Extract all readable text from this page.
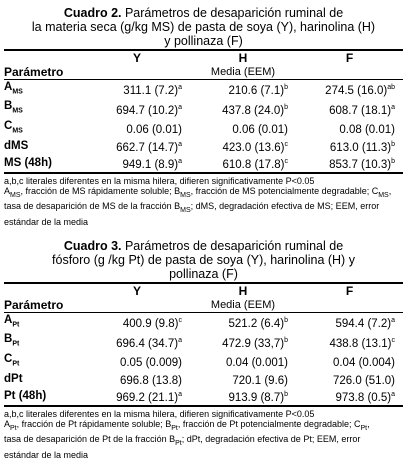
Cuadro 2. Parámetros de desaparición ruminal de
la materia seca (g/kg MS) de pasta de soya (Y), harinolina (H)
y pollinaza (F)
	Y	H	F
Parámetro		Media (EEM)	
$A_{MS}$	311.1 $(7.2)^a$	210.6 $(7.1)^b$	274.5 $(16.0)^{ab}$
$B_{MS}$	694.7 $(10.2)^a$	437.8 $(24.0)^b$	608.7 $(18.1)^a$
$C_{MS}$	0.06 (0.01)	0.06 (0.01)	0.08 (0.01)
dMS	662.7 $(14.7)^a$	423.0 $(13.6)^c$	613.0 $(11.3)^b$
MS (48h)	949.1 $(8.9)^a$	610.8 $(17.8)^c$	853.7 $(10.3)^b$
a,b,c literales diferentes en la misma hilera, difieren significativamente P<0.05
$A_{MS}$, fracción de MS rápidamente soluble; $B_{MS}$, fracción de MS potencialmente degradable; $C_{MS}$,
tasa de desaparición de MS de la fracción $B_{MS}$; dMS, degradación efectiva de MS; EEM, error
estándar de la media
Cuadro 3. Parámetros de desaparición ruminal de
fósforo (g /kg Pt) de pasta de soya (Y), harinolina (H) y
pollinaza (F)
	Y	H	F
Parámetro		Media (EEM)	
$A_{Pt}$	400.9 $(9.8)^c$	521.2 $(6.4)^b$	594.4 $(7.2)^a$
$B_{Pt}$	696.4 $(34.7)^a$	472.9 $(33,7)^b$	438.8 $(13.1)^c$
$C_{Pt}$	0.05 (0.009)	0.04 (0.001)	0.04 (0.004)
dPt	696.8 (13.8)	720.1 (9.6)	726.0 (51.0)
Pt (48h)	969.2 $(21.1)^a$	913.9 $(8.7)^b$	973.8 $(0.5)^a$
a,b,c literales diferentes en la misma hilera, difieren significativamente P<0.05
$A_{Pt}$, fracción de Pt rápidamente soluble; $B_{Pt}$, fracción de Pt potencialmente degradable; $C_{Pt}$,
tasa de desaparición de Pt de la fracción $B_{Pt}$; dPt, degradación efectiva de Pt; EEM, error
estándar de la media
